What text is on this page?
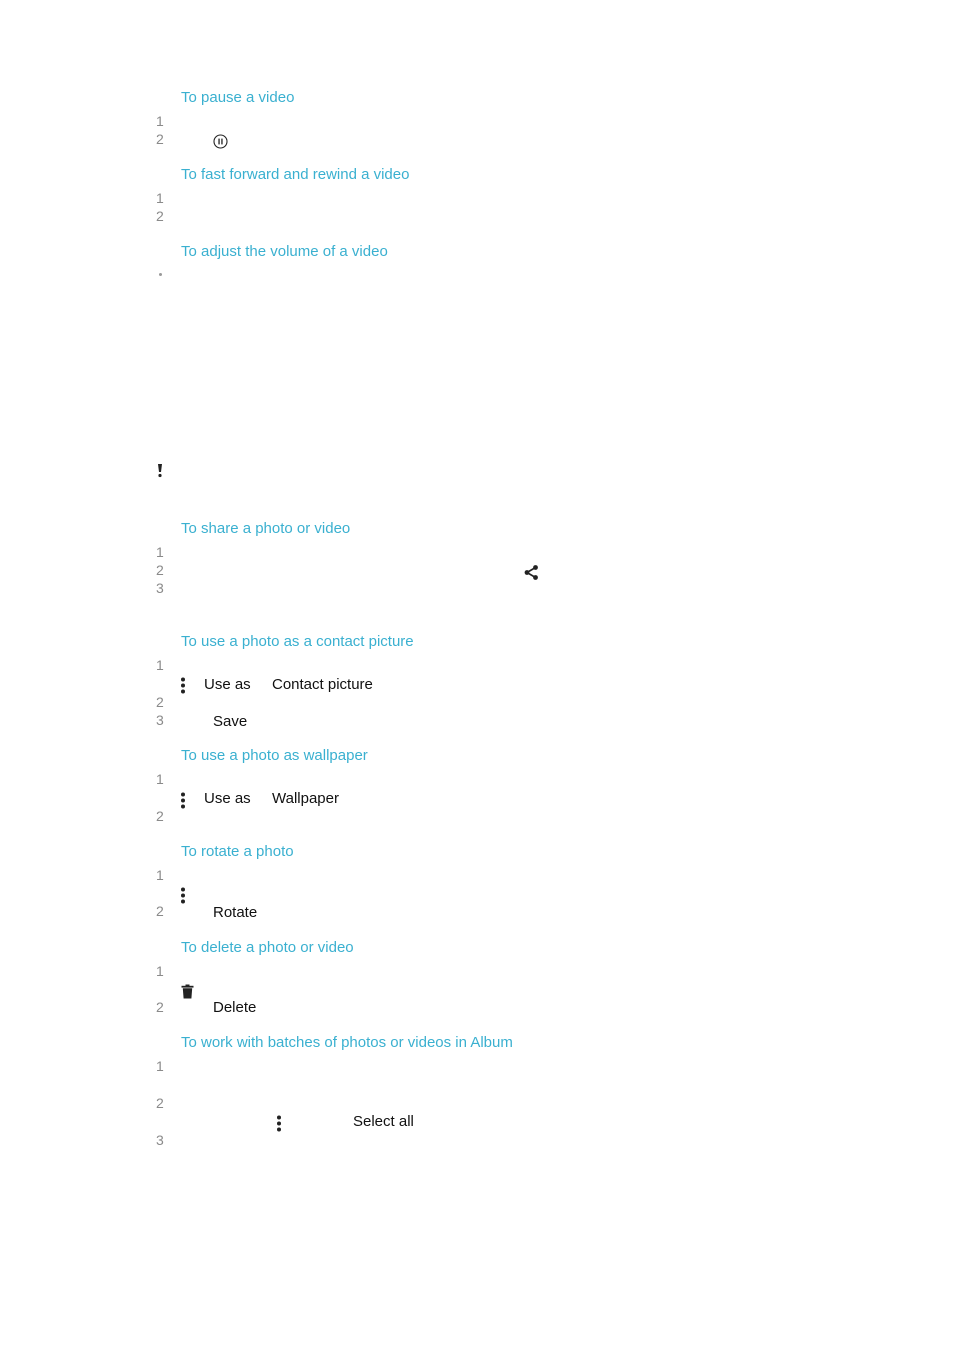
To pause a video
1
2
To fast forward and rewind a video
1
2
To adjust the volume of a video
To share a photo or video
1
2
3
To use a photo as a contact picture
1
Use as Contact picture
2
3	Save
To use a photo as wallpaper
1
Use as Wallpaper
2
To rotate a photo
1
2	Rotate
To delete a photo or video
1
2	Delete
To work with batches of photos or videos in Album
1
2
Select all
3
